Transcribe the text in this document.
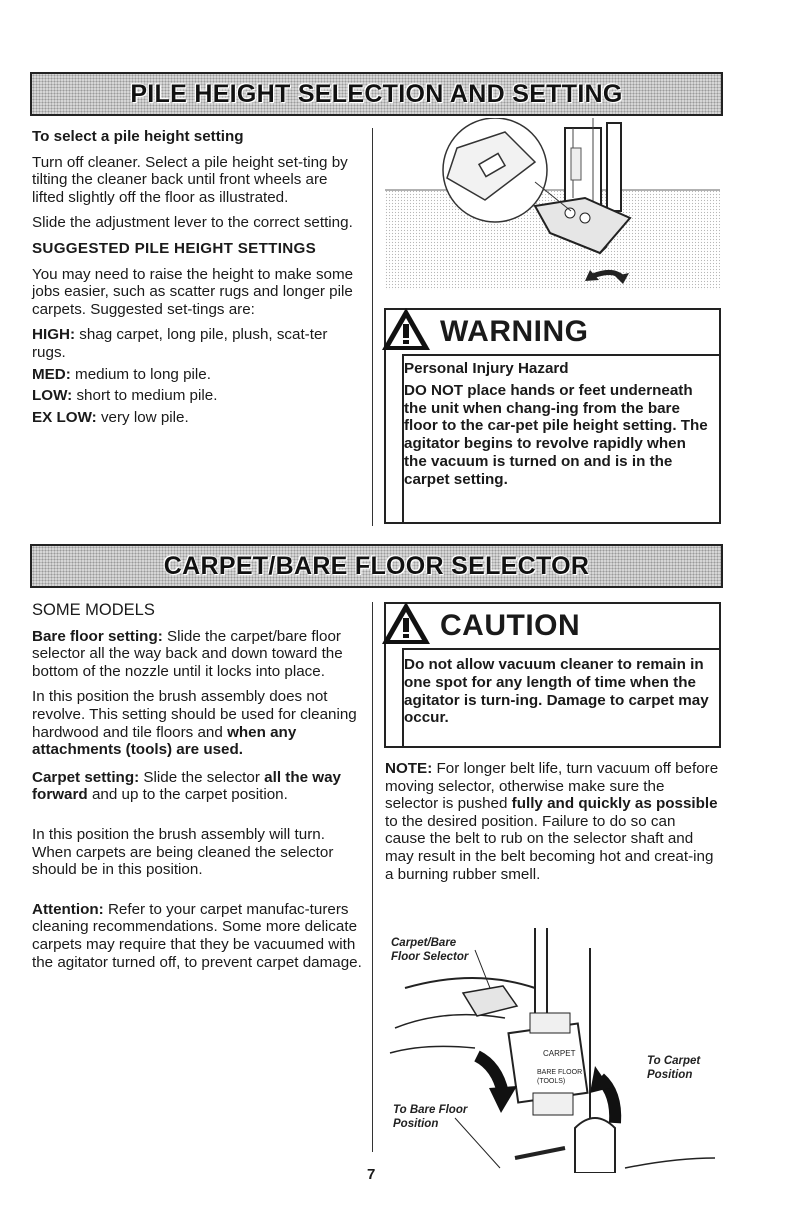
PILE HEIGHT SELECTION AND SETTING

To select a pile height setting

Turn off cleaner. Select a pile height set-ting by tilting the cleaner back until front wheels are lifted slightly off the floor as illustrated.

Slide the adjustment lever to the correct setting.

SUGGESTED PILE HEIGHT SETTINGS

You may need to raise the height to make some jobs easier, such as scatter rugs and longer pile carpets. Suggested set-tings are:

HIGH: shag carpet, long pile, plush, scat-ter rugs.

MED: medium to long pile.

LOW: short to medium pile.

EX LOW: very low pile.

WARNING

Personal Injury Hazard

DO NOT place hands or feet underneath the unit when chang-ing from the bare floor to the car-pet pile height setting. The agitator begins to revolve rapidly when the vacuum is turned on and is in the carpet setting.

CARPET/BARE FLOOR SELECTOR

SOME MODELS

Bare floor setting: Slide the carpet/bare floor selector all the way back and down toward the bottom of the nozzle until it locks into place.

In this position the brush assembly does not revolve. This setting should be used for cleaning hardwood and tile floors and when any attachments (tools) are used.

Carpet setting: Slide the selector all the way forward and up to the carpet position.

In this position the brush assembly will turn. When carpets are being cleaned the selector should be in this position.

Attention: Refer to your carpet manufac-turers cleaning recommendations. Some more delicate carpets may require that they be vacuumed with the agitator turned off, to prevent carpet damage.

CAUTION

Do not allow vacuum cleaner to remain in one spot for any length of time when the agitator is turn-ing. Damage to carpet may occur.

NOTE: For longer belt life, turn vacuum off before moving selector, otherwise make sure the selector is pushed fully and quickly as possible to the desired position. Failure to do so can cause the belt to rub on the selector shaft and may result in the belt becoming hot and creat-ing a burning rubber smell.

CARPET
BARE FLOOR
(TOOLS)
Carpet/Bare
Floor Selector
To Carpet
Position
To Bare Floor
Position
7
